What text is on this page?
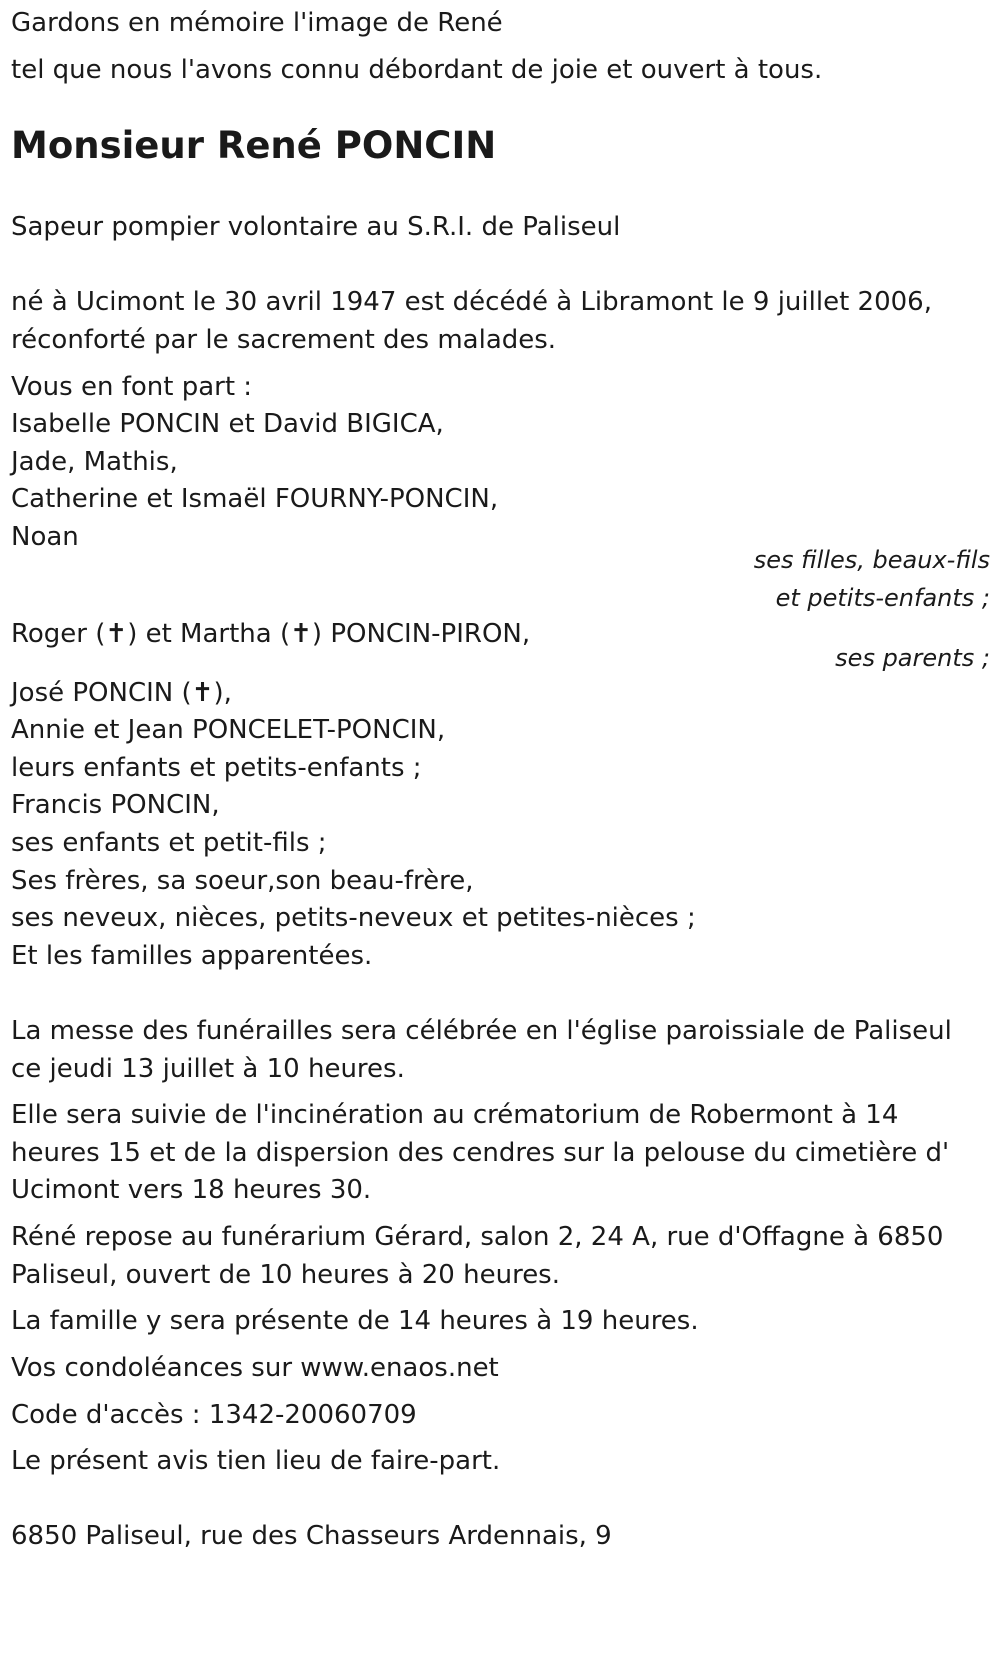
Gardons en mémoire l'image de René
tel que nous l'avons connu débordant de joie et ouvert à tous.
Monsieur René PONCIN
Sapeur pompier volontaire au S.R.I. de Paliseul
né à Ucimont le 30 avril 1947 est décédé à Libramont le 9 juillet 2006,
réconforté par le sacrement des malades.
Vous en font part :
Isabelle PONCIN et David BIGICA,
Jade, Mathis,
Catherine et Ismaël FOURNY-PONCIN,
Noan
ses filles, beaux-fils
et petits-enfants ;
Roger (✝) et Martha (✝) PONCIN-PIRON,
ses parents ;
José PONCIN (✝),
Annie et Jean PONCELET-PONCIN,
leurs enfants et petits-enfants ;
Francis PONCIN,
ses enfants et petit-fils ;
Ses frères, sa soeur,son beau-frère,
ses neveux, nièces, petits-neveux et petites-nièces ;
Et les familles apparentées.
La messe des funérailles sera célébrée en l'église paroissiale de Paliseul
ce jeudi 13 juillet à 10 heures.
Elle sera suivie de l'incinération au crématorium de Robermont à 14
heures 15 et de la dispersion des cendres sur la pelouse du cimetière d'
Ucimont vers 18 heures 30.
Réné repose au funérarium Gérard, salon 2, 24 A, rue d'Offagne à 6850
Paliseul, ouvert de 10 heures à 20 heures.
La famille y sera présente de 14 heures à 19 heures.
Vos condoléances sur www.enaos.net
Code d'accès : 1342-20060709
Le présent avis tien lieu de faire-part.
6850 Paliseul, rue des Chasseurs Ardennais, 9
